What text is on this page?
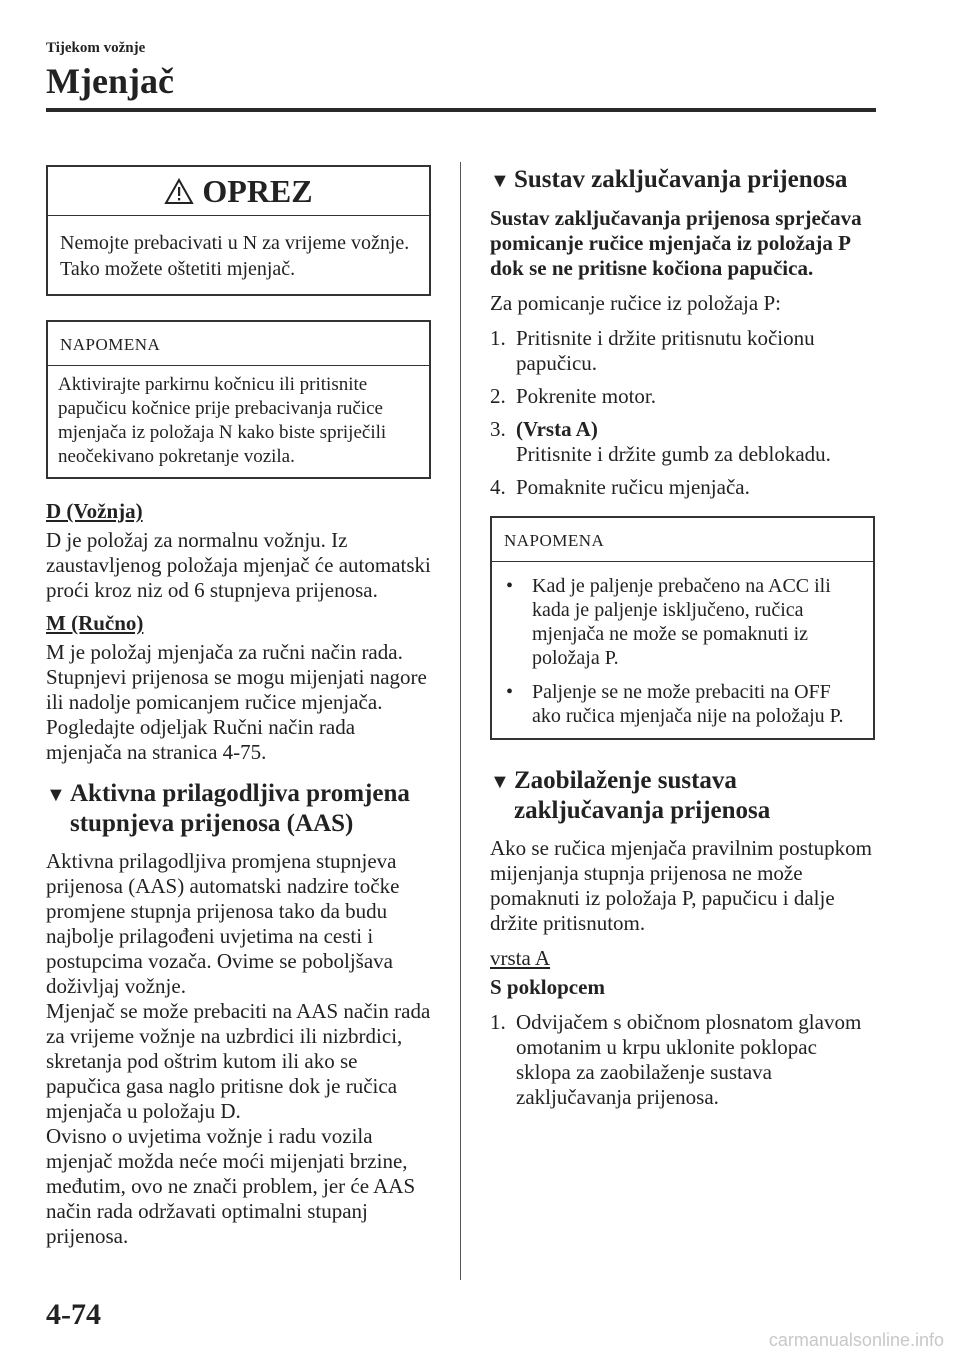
Tijekom vožnje
Mjenjač
OPREZ
Nemojte prebacivati u N za vrijeme vožnje. Tako možete oštetiti mjenjač.
NAPOMENA
Aktivirajte parkirnu kočnicu ili pritisnite papučicu kočnice prije prebacivanja ručice mjenjača iz položaja N kako biste spriječili neočekivano pokretanje vozila.
D (Vožnja)

D je položaj za normalnu vožnju. Iz zaustavljenog položaja mjenjač će automatski proći kroz niz od 6 stupnjeva prijenosa.

M (Ručno)

M je položaj mjenjača za ručni način rada. Stupnjevi prijenosa se mogu mijenjati nagore ili nadolje pomicanjem ručice mjenjača.

Pogledajte odjeljak Ručni način rada mjenjača na stranica 4-75.

▼ Aktivna prilagodljiva promjena stupnjeva prijenosa (AAS)

Aktivna prilagodljiva promjena stupnjeva prijenosa (AAS) automatski nadzire točke promjene stupnja prijenosa tako da budu najbolje prilagođeni uvjetima na cesti i postupcima vozača. Ovime se poboljšava doživljaj vožnje.

Mjenjač se može prebaciti na AAS način rada za vrijeme vožnje na uzbrdici ili nizbrdici, skretanja pod oštrim kutom ili ako se papučica gasa naglo pritisne dok je ručica mjenjača u položaju D.

Ovisno o uvjetima vožnje i radu vozila mjenjač možda neće moći mijenjati brzine, međutim, ovo ne znači problem, jer će AAS način rada održavati optimalni stupanj prijenosa.

▼ Sustav zaključavanja prijenosa

Sustav zaključavanja prijenosa sprječava pomicanje ručice mjenjača iz položaja P dok se ne pritisne kočiona papučica.

Za pomicanje ručice iz položaja P:

1. Pritisnite i držite pritisnutu kočionu papučicu.
2. Pokrenite motor.
3. (Vrsta A)
Pritisnite i držite gumb za deblokadu.
4. Pomaknite ručicu mjenjača.
NAPOMENA
• Kad je paljenje prebačeno na ACC ili kada je paljenje isključeno, ručica mjenjača ne može se pomaknuti iz položaja P.
• Paljenje se ne može prebaciti na OFF ako ručica mjenjača nije na položaju P.
▼ Zaobilaženje sustava zaključavanja prijenosa

Ako se ručica mjenjača pravilnim postupkom mijenjanja stupnja prijenosa ne može pomaknuti iz položaja P, papučicu i dalje držite pritisnutom.

vrsta A

S poklopcem

1. Odvijačem s običnom plosnatom glavom omotanim u krpu uklonite poklopac sklopa za zaobilaženje sustava zaključavanja prijenosa.
4-74
carmanualsonline.info
